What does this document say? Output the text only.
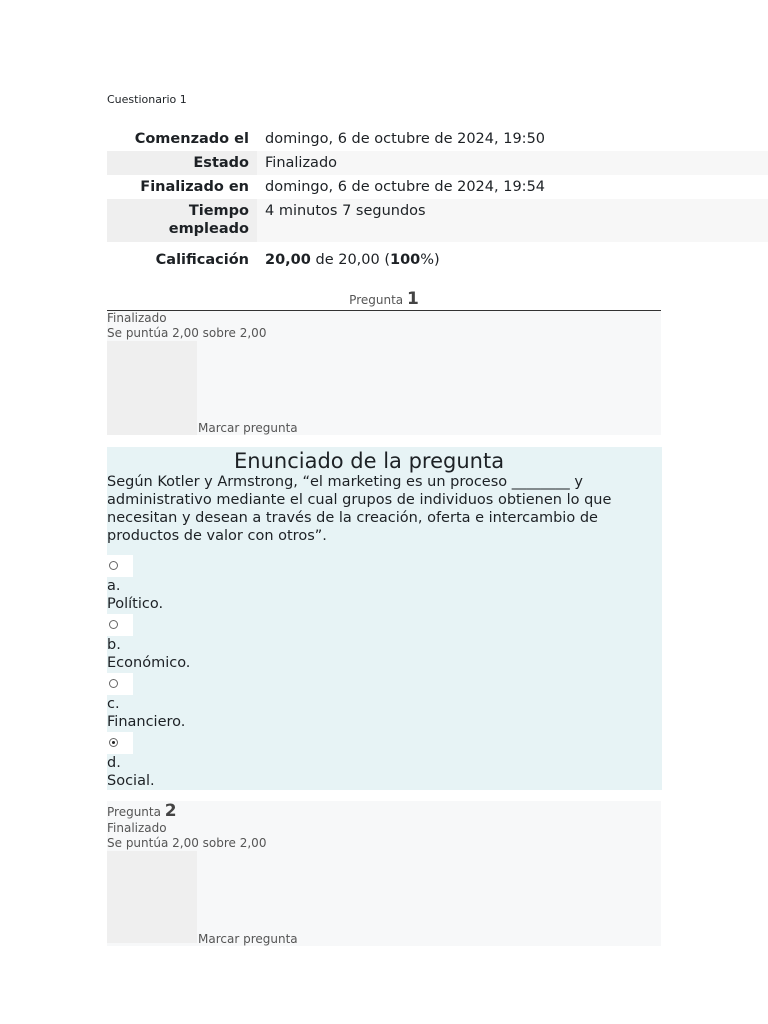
Cuestionario 1
Comenzado el	domingo, 6 de octubre de 2024, 19:50
Estado	Finalizado
Finalizado en	domingo, 6 de octubre de 2024, 19:54
Tiempo empleado	4 minutos 7 segundos
Calificación	20,00 de 20,00 (100%)
Pregunta 1
Finalizado
Se puntúa 2,00 sobre 2,00
Marcar pregunta
Enunciado de la pregunta
Según Kotler y Armstrong, “el marketing es un proceso ________ y administrativo mediante el cual grupos de individuos obtienen lo que necesitan y desean a través de la creación, oferta e intercambio de productos de valor con otros”.
a.
Político.
b.
Económico.
c.
Financiero.
d.
Social.
Pregunta 2
Finalizado
Se puntúa 2,00 sobre 2,00
Marcar pregunta
